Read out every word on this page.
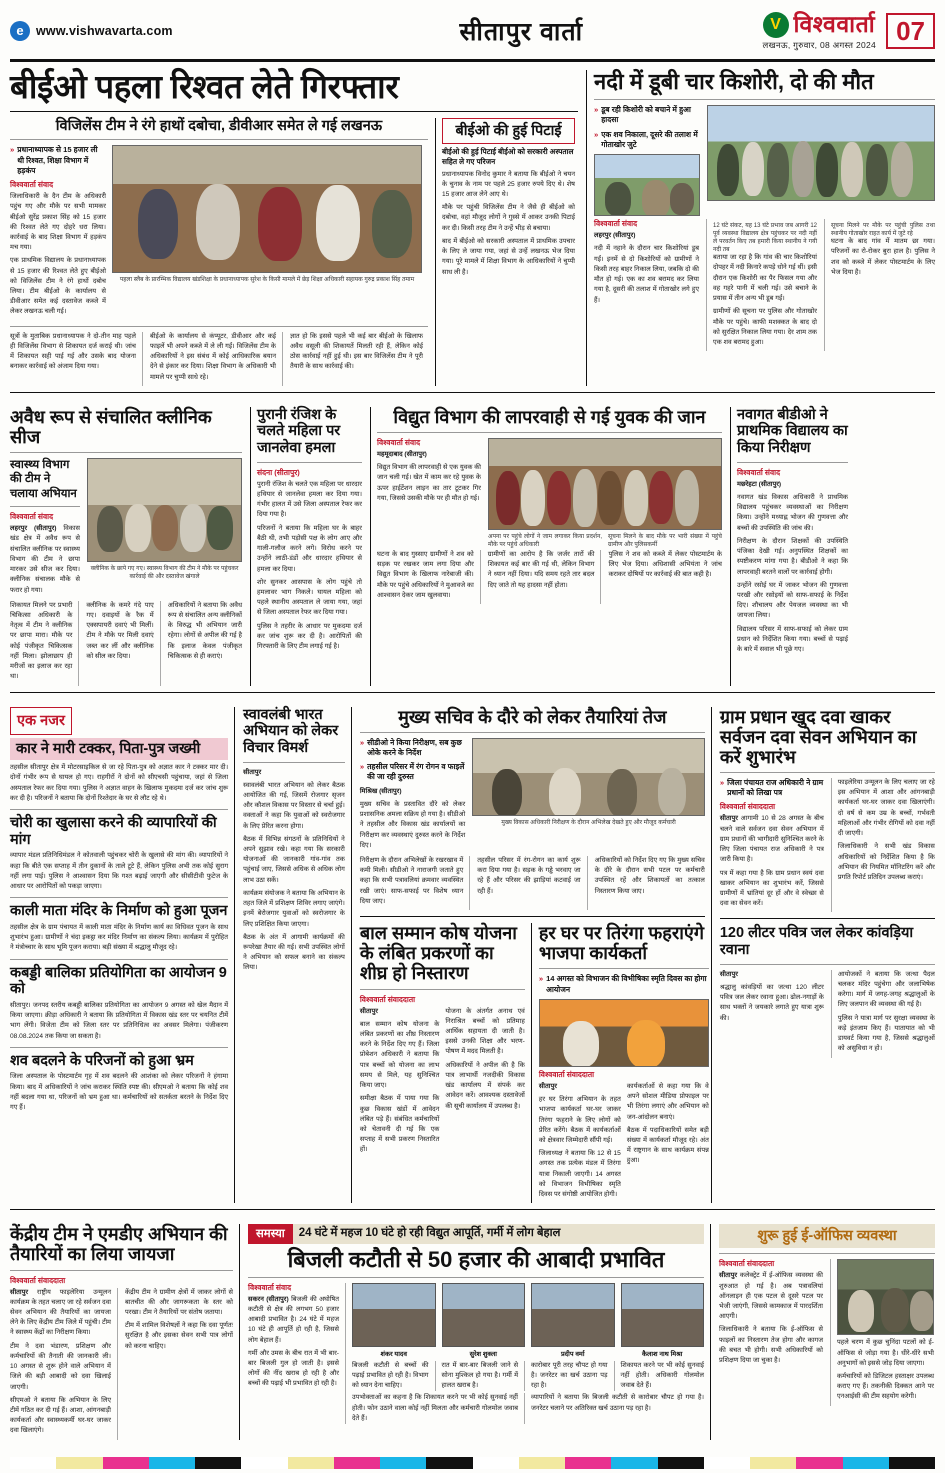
e www.vishwavarta.com	सीतापुर वार्ता	V विश्ववार्ता
लखनऊ, गुरुवार, 08 अगस्त 2024 07
बीईओ पहला रिश्वत लेते गिरफ्तार
विजिलेंस टीम ने रंगे हाथों दबोचा, डीवीआर समेत ले गई लखनऊ
» प्रधानाध्यापक से 15 हजार ली थी रिश्वत, शिक्षा विभाग में हड़कंप
विश्ववार्ता संवाद

जिलाधिकारी के दैन टीम के अधिकारी पहुंच गए और मौके पर सभी मामकर बीईओ सुरेंद्र प्रकाश सिंह को 15 हजार की रिश्वत लेते गए दोहरे धरा लिया। कार्रवाई के बाद शिक्षा विभाग में हड़कंप मच गया।

एक प्राथमिक विद्यालय के प्रधानाध्यापक से 15 हजार की रिश्वत लेते हुए बीईओ को विजिलेंस टीम ने रंगे हाथों दबोच लिया। टीम बीईओ के कार्यालय से डीवीआर समेत कई दस्तावेज कब्जे में लेकर लखनऊ चली गई।

पहला स्लैब के प्रारम्भिक विद्यालय खंडशिक्षा के प्रधानाध्यापक सुरेश के किसी मामले में छेड़ शिक्षा अधिकारी सहायक गुरुद्र प्रकाश सिंह तमाम

सूत्रों के मुताबिक प्रधानाध्यापक ने दो-तीन माह पहले ही विजिलेंस विभाग से शिकायत दर्ज कराई थी। जांच में शिकायत सही पाई गई और उसके बाद योजना बनाकर कार्रवाई को अंजाम दिया गया।

बीईओ के कार्यालय से कंप्यूटर, डीवीआर और कई फाइलें भी अपने कब्जे में ले ली गईं। विजिलेंस टीम के अधिकारियों ने इस संबंध में कोई आधिकारिक बयान देने से इंकार कर दिया। शिक्षा विभाग के अधिकारी भी मामले पर चुप्पी साधे रहे।

ज्ञात हो कि इससे पहले भी कई बार बीईओ के खिलाफ अवैध वसूली की शिकायतें मिलती रही हैं, लेकिन कोई ठोस कार्रवाई नहीं हुई थी। इस बार विजिलेंस टीम ने पूरी तैयारी के साथ कार्रवाई की।

बीईओ की हुई पिटाई
बीईओ की हुई पिटाई बीईओ को सरकारी अस्पताल सहित ले गए परिजन

प्रधानाध्यापक विनोद कुमार ने बताया कि बीईओ ने चयन के चुनाव के नाम पर पहले 25 हजार रुपये दिए थे। शेष 15 हजार आज लेने आए थे।

मौके पर पहुंची विजिलेंस टीम ने जैसे ही बीईओ को दबोचा, वहां मौजूद लोगों ने गुस्से में आकर उनकी पिटाई कर दी। किसी तरह टीम ने उन्हें भीड़ से बचाया।

बाद में बीईओ को सरकारी अस्पताल में प्राथमिक उपचार के लिए ले जाया गया, जहां से उन्हें लखनऊ भेज दिया गया। पूरे मामले में शिक्षा विभाग के आधिकारियों ने चुप्पी साध ली है।

नदी में डूबी चार किशोरी, दो की मौत
» डूब रही किशोरी को बचाने में हुआ हादसा
» एक शव निकाला, दूसरे की तलाश में गोताखोर जुटे
विश्ववार्ता संवाद

लहरपुर (सीतापुर)

नदी में नहाने के दौरान चार किशोरियां डूब गईं। इनमें से दो किशोरियों को ग्रामीणों ने किसी तरह बाहर निकाल लिया, जबकि दो की मौत हो गई। एक का शव बरामद कर लिया गया है, दूसरी की तलाश में गोताखोर लगे हुए हैं।

12 घंटे संकट, यह 13 घंटे प्रभाव जब आगरी 12 पूर्व व्यवस्था विद्यालय क्षेत्र पहुंचकर पर नदी नहीं ले परवर्तन किए तब हमारी किया स्थानीय ने गयी नदी तब

बताया जा रहा है कि गांव की चार किशोरियां दोपहर में नदी किनारे कपड़े धोने गई थीं। इसी दौरान एक किशोरी का पैर फिसल गया और वह गहरे पानी में चली गई। उसे बचाने के प्रयास में तीन अन्य भी डूब गईं।

ग्रामीणों की सूचना पर पुलिस और गोताखोर मौके पर पहुंचे। काफी मशक्कत के बाद दो को सुरक्षित निकाल लिया गया। देर शाम तक एक शव बरामद हुआ।

सूचना मिलने पर मौके पर पहुंची पुलिस तथा स्थानीय गोताखोर राहत कार्य में जुटे रहे

घटना के बाद गांव में मातम छा गया। परिजनों का रो-रोकर बुरा हाल है। पुलिस ने शव को कब्जे में लेकर पोस्टमार्टम के लिए भेज दिया है।

अवैध रूप से संचालित क्लीनिक सीज
स्वास्थ्य विभाग की टीम ने चलाया अभियान
विश्ववार्ता संवाद

लहरपुर (सीतापुर) विकास खंड क्षेत्र में अवैध रूप से संचालित क्लीनिक पर स्वास्थ्य विभाग की टीम ने छापा मारकर उसे सीज कर दिया। क्लीनिक संचालक मौके से फरार हो गया।

क्लीनिक के छापे गए गए। स्वास्थ्य विभाग की टीम ने मौके पर पहुंचकर कार्रवाई की और दस्तावेज खंगाले

शिकायत मिलने पर प्रभारी चिकित्सा अधिकारी के नेतृत्व में टीम ने क्लीनिक पर छापा मारा। मौके पर कोई पंजीकृत चिकित्सक नहीं मिला। झोलाछाप ही मरीजों का इलाज कर रहा था।

क्लीनिक के कमरे गंदे पाए गए। दवाइयों के रैक में एक्सपायरी दवाएं भी मिलीं। टीम ने मौके पर मिली दवाएं जब्त कर लीं और क्लीनिक को सील कर दिया।

अधिकारियों ने बताया कि अवैध रूप से संचालित अन्य क्लीनिकों के विरुद्ध भी अभियान जारी रहेगा। लोगों से अपील की गई है कि इलाज केवल पंजीकृत चिकित्सक से ही कराएं।

पुरानी रंजिश के चलते महिला पर जानलेवा हमला
संदना (सीतापुर)

पुरानी रंजिश के चलते एक महिला पर धारदार हथियार से जानलेवा हमला कर दिया गया। गंभीर हालत में उसे जिला अस्पताल रेफर कर दिया गया है।

परिजनों ने बताया कि महिला घर के बाहर बैठी थी, तभी पड़ोसी पक्ष के लोग आए और गाली-गलौज करने लगे। विरोध करने पर उन्होंने लाठी-डंडों और धारदार हथियार से हमला कर दिया।

शोर सुनकर आसपास के लोग पहुंचे तो हमलावर भाग निकले। घायल महिला को पहले स्थानीय अस्पताल ले जाया गया, जहां से जिला अस्पताल रेफर कर दिया गया।

पुलिस ने तहरीर के आधार पर मुकदमा दर्ज कर जांच शुरू कर दी है। आरोपितों की गिरफ्तारी के लिए टीम लगाई गई है।

विद्युत विभाग की लापरवाही से गई युवक की जान
विश्ववार्ता संवाद

महमूदाबाद (सीतापुर)

विद्युत विभाग की लापरवाही से एक युवक की जान चली गई। खेत में काम कर रहे युवक के ऊपर हाईटेंशन लाइन का तार टूटकर गिर गया, जिससे उसकी मौके पर ही मौत हो गई।

अपना पर पहुंचे लोगों ने जाम लगाकर किया प्रदर्शन, मौके पर पहुंचे अधिकारी
सूचना मिलने के बाद मौके पर भारी संख्या में पहुंचे ग्रामीण और पुलिसकर्मी

घटना के बाद गुस्साए ग्रामीणों ने शव को सड़क पर रखकर जाम लगा दिया और विद्युत विभाग के खिलाफ नारेबाजी की। मौके पर पहुंचे अधिकारियों ने मुआवजे का आश्वासन देकर जाम खुलवाया।

ग्रामीणों का आरोप है कि जर्जर तारों की शिकायत कई बार की गई थी, लेकिन विभाग ने ध्यान नहीं दिया। यदि समय रहते तार बदल दिए जाते तो यह हादसा नहीं होता।

पुलिस ने शव को कब्जे में लेकर पोस्टमार्टम के लिए भेज दिया। अधिशासी अभियंता ने जांच कराकर दोषियों पर कार्रवाई की बात कही है।

नवागत बीडीओ ने प्राथमिक विद्यालय का किया निरीक्षण
विश्ववार्ता संवाद

मछरेहटा (सीतापुर)

नवागत खंड विकास अधिकारी ने प्राथमिक विद्यालय पहुंचकर व्यवस्थाओं का निरीक्षण किया। उन्होंने मध्याह्न भोजन की गुणवत्ता और बच्चों की उपस्थिति की जांच की।

निरीक्षण के दौरान शिक्षकों की उपस्थिति पंजिका देखी गई। अनुपस्थित शिक्षकों का स्पष्टीकरण मांगा गया है। बीडीओ ने कहा कि लापरवाही बरतने वालों पर कार्रवाई होगी।

उन्होंने रसोई घर में जाकर भोजन की गुणवत्ता परखी और रसोइयों को साफ-सफाई के निर्देश दिए। शौचालय और पेयजल व्यवस्था का भी जायजा लिया।

विद्यालय परिसर में साफ-सफाई को लेकर ग्राम प्रधान को निर्देशित किया गया। बच्चों से पढ़ाई के बारे में सवाल भी पूछे गए।

एक नजर
कार ने मारी टक्कर, पिता-पुत्र जख्मी
तहसील सीतापुर क्षेत्र में मोटरसाइकिल से जा रहे पिता-पुत्र को अज्ञात कार ने टक्कर मार दी। दोनों गंभीर रूप से घायल हो गए। राहगीरों ने दोनों को सीएचसी पहुंचाया, जहां से जिला अस्पताल रेफर कर दिया गया। पुलिस ने अज्ञात वाहन के खिलाफ मुकदमा दर्ज कर जांच शुरू कर दी है। परिजनों ने बताया कि दोनों रिश्तेदार के घर से लौट रहे थे।
चोरी का खुलासा करने की व्यापारियों की मांग
व्यापार मंडल प्रतिनिधिमंडल ने कोतवाली पहुंचकर चोरी के खुलासे की मांग की। व्यापारियों ने कहा कि बीते एक सप्ताह में तीन दुकानों के ताले टूटे हैं, लेकिन पुलिस अभी तक कोई सुराग नहीं लगा पाई। पुलिस ने आश्वासन दिया कि गश्त बढ़ाई जाएगी और सीसीटीवी फुटेज के आधार पर आरोपितों को पकड़ा जाएगा।
काली माता मंदिर के निर्माण को हुआ पूजन
तहसील क्षेत्र के ग्राम पंचायत में काली माता मंदिर के निर्माण कार्य का विधिवत पूजन के साथ शुभारंभ हुआ। ग्रामीणों ने चंदा इकट्ठा कर मंदिर निर्माण का संकल्प लिया। कार्यक्रम में पुरोहित ने मंत्रोच्चार के साथ भूमि पूजन कराया। बड़ी संख्या में श्रद्धालु मौजूद रहे।
कबड्डी बालिका प्रतियोगिता का आयोजन 9 को
सीतापुर। जनपद स्तरीय कबड्डी बालिका प्रतियोगिता का आयोजन 9 अगस्त को खेल मैदान में किया जाएगा। क्रीड़ा अधिकारी ने बताया कि प्रतियोगिता में विकास खंड स्तर पर चयनित टीमें भाग लेंगी। विजेता टीम को जिला स्तर पर प्रतिनिधित्व का अवसर मिलेगा। पंजीकरण 08.08.2024 तक किया जा सकता है।
शव बदलने के परिजनों को हुआ भ्रम
जिला अस्पताल के पोस्टमार्टम गृह में शव बदलने की आशंका को लेकर परिजनों ने हंगामा किया। बाद में अधिकारियों ने जांच कराकर स्थिति स्पष्ट की। सीएमओ ने बताया कि कोई शव नहीं बदला गया था, परिजनों को भ्रम हुआ था। कर्मचारियों को सतर्कता बरतने के निर्देश दिए गए हैं।
स्वावलंबी भारत अभियान को लेकर विचार विमर्श

सीतापुर

स्वावलंबी भारत अभियान को लेकर बैठक आयोजित की गई, जिसमें रोजगार सृजन और कौशल विकास पर विस्तार से चर्चा हुई। वक्ताओं ने कहा कि युवाओं को स्वरोजगार के लिए प्रेरित करना होगा।

बैठक में विभिन्न संगठनों के प्रतिनिधियों ने अपने सुझाव रखे। कहा गया कि सरकारी योजनाओं की जानकारी गांव-गांव तक पहुंचाई जाए, जिससे अधिक से अधिक लोग लाभ उठा सकें।

कार्यक्रम संयोजक ने बताया कि अभियान के तहत जिले में प्रशिक्षण शिविर लगाए जाएंगे। इनमें बेरोजगार युवाओं को स्वरोजगार के लिए प्रशिक्षित किया जाएगा।

बैठक के अंत में आगामी कार्यक्रमों की रूपरेखा तैयार की गई। सभी उपस्थित लोगों ने अभियान को सफल बनाने का संकल्प लिया।

मुख्य सचिव के दौरे को लेकर तैयारियां तेज
» सीडीओ ने किया निरीक्षण, सब कुछ ओके करने के निर्देश
» तहसील परिसर में रंग रोगन व फाइलें की जा रही दुरुस्त

मिश्रिख (सीतापुर)

मुख्य सचिव के प्रस्तावित दौरे को लेकर प्रशासनिक अमला सक्रिय हो गया है। सीडीओ ने तहसील और विकास खंड कार्यालयों का निरीक्षण कर व्यवस्थाएं दुरुस्त करने के निर्देश दिए।

मुख्य विकास अधिकारी निरीक्षण के दौरान अभिलेख देखते हुए और मौजूद कर्मचारी

निरीक्षण के दौरान अभिलेखों के रखरखाव में कमी मिली। सीडीओ ने नाराजगी जताते हुए कहा कि सभी पत्रावलियां क्रमवार व्यवस्थित रखी जाएं। साफ-सफाई पर विशेष ध्यान दिया जाए।

तहसील परिसर में रंग-रोगन का कार्य शुरू करा दिया गया है। सड़क के गड्ढे भरवाए जा रहे हैं और परिसर की झाड़ियां कटवाई जा रही हैं।

अधिकारियों को निर्देश दिए गए कि मुख्य सचिव के दौरे के दौरान सभी पटल पर कर्मचारी उपस्थित रहें और शिकायतों का तत्काल निस्तारण किया जाए।

बाल सम्मान कोष योजना के लंबित प्रकरणों का शीघ्र हो निस्तारण
विश्ववार्ता संवाददाता

सीतापुर

बाल सम्मान कोष योजना के लंबित प्रकरणों का शीघ्र निस्तारण करने के निर्देश दिए गए हैं। जिला प्रोबेशन अधिकारी ने बताया कि पात्र बच्चों को योजना का लाभ समय से मिले, यह सुनिश्चित किया जाए।

समीक्षा बैठक में पाया गया कि कुछ विकास खंडों में आवेदन लंबित पड़े हैं। संबंधित कर्मचारियों को चेतावनी दी गई कि एक सप्ताह में सभी प्रकरण निस्तारित हों।

योजना के अंतर्गत अनाथ एवं निराश्रित बच्चों को प्रतिमाह आर्थिक सहायता दी जाती है। इससे उनकी शिक्षा और भरण-पोषण में मदद मिलती है।

अधिकारियों ने अपील की है कि पात्र लाभार्थी नजदीकी विकास खंड कार्यालय में संपर्क कर आवेदन करें। आवश्यक दस्तावेजों की सूची कार्यालय में उपलब्ध है।

हर घर पर तिरंगा फहराएंगे भाजपा कार्यकर्ता
» 14 अगस्त को विभाजन की विभीषिका स्मृति दिवस का होगा आयोजन
विश्ववार्ता संवाददाता

सीतापुर

हर घर तिरंगा अभियान के तहत भाजपा कार्यकर्ता घर-घर जाकर तिरंगा फहराने के लिए लोगों को प्रेरित करेंगे। बैठक में कार्यकर्ताओं को क्षेत्रवार जिम्मेदारी सौंपी गई।

जिलाध्यक्ष ने बताया कि 12 से 15 अगस्त तक प्रत्येक मंडल में तिरंगा यात्रा निकाली जाएगी। 14 अगस्त को विभाजन विभीषिका स्मृति दिवस पर संगोष्ठी आयोजित होगी।

कार्यकर्ताओं से कहा गया कि वे अपने सोशल मीडिया प्रोफाइल पर भी तिरंगा लगाएं और अभियान को जन-आंदोलन बनाएं।

बैठक में पदाधिकारियों समेत बड़ी संख्या में कार्यकर्ता मौजूद रहे। अंत में राष्ट्रगान के साथ कार्यक्रम संपन्न हुआ।

ग्राम प्रधान खुद दवा खाकर सर्वजन दवा सेवन अभियान का करें शुभारंभ
» जिला पंचायत राज अधिकारी ने ग्राम प्रधानों को लिखा पत्र
विश्ववार्ता संवाददाता

सीतापुर आगामी 10 से 28 अगस्त के बीच चलने वाले सर्वजन दवा सेवन अभियान में ग्राम प्रधानों की भागीदारी सुनिश्चित करने के लिए जिला पंचायत राज अधिकारी ने पत्र जारी किया है।

पत्र में कहा गया है कि ग्राम प्रधान स्वयं दवा खाकर अभियान का शुभारंभ करें, जिससे ग्रामीणों में भ्रांतियां दूर हों और वे स्वेच्छा से दवा का सेवन करें।

फाइलेरिया उन्मूलन के लिए चलाए जा रहे इस अभियान में आशा और आंगनबाड़ी कार्यकर्ता घर-घर जाकर दवा खिलाएंगी। दो वर्ष से कम उम्र के बच्चों, गर्भवती महिलाओं और गंभीर रोगियों को दवा नहीं दी जाएगी।

जिलाधिकारी ने सभी खंड विकास अधिकारियों को निर्देशित किया है कि अभियान की नियमित मॉनिटरिंग करें और प्रगति रिपोर्ट प्रतिदिन उपलब्ध कराएं।

120 लीटर पवित्र जल लेकर कांवड़िया रवाना

सीतापुर

श्रद्धालु कांवड़ियों का जत्था 120 लीटर पवित्र जल लेकर रवाना हुआ। ढोल-नगाड़ों के साथ भक्तों ने जयकारे लगाते हुए यात्रा शुरू की।

आयोजकों ने बताया कि जत्था पैदल चलकर मंदिर पहुंचेगा और जलाभिषेक करेगा। मार्ग में जगह-जगह श्रद्धालुओं के लिए जलपान की व्यवस्था की गई है।

पुलिस ने यात्रा मार्ग पर सुरक्षा व्यवस्था के कड़े इंतजाम किए हैं। यातायात को भी डायवर्ट किया गया है, जिससे श्रद्धालुओं को असुविधा न हो।

केंद्रीय टीम ने एमडीए अभियान की तैयारियों का लिया जायजा
विश्ववार्ता संवाददाता

सीतापुर राष्ट्रीय फाइलेरिया उन्मूलन कार्यक्रम के तहत चलाए जा रहे सर्वजन दवा सेवन अभियान की तैयारियों का जायजा लेने के लिए केंद्रीय टीम जिले में पहुंची। टीम ने स्वास्थ्य केंद्रों का निरीक्षण किया।

टीम ने दवा भंडारण, प्रशिक्षण और कर्मचारियों की तैनाती की जानकारी ली। 10 अगस्त से शुरू होने वाले अभियान में जिले की बड़ी आबादी को दवा खिलाई जाएगी।

सीएमओ ने बताया कि अभियान के लिए टीमें गठित कर दी गई हैं। आशा, आंगनबाड़ी कार्यकर्ता और स्वास्थ्यकर्मी घर-घर जाकर दवा खिलाएंगे।

केंद्रीय टीम ने ग्रामीण क्षेत्रों में जाकर लोगों से बातचीत की और जागरूकता के स्तर को परखा। टीम ने तैयारियों पर संतोष जताया।

टीम में शामिल विशेषज्ञों ने कहा कि दवा पूर्णतः सुरक्षित है और इसका सेवन सभी पात्र लोगों को करना चाहिए।

समस्या	24 घंटे में महज 10 घंटे हो रही विद्युत आपूर्ति, गर्मी में लोग बेहाल
बिजली कटौती से 50 हजार की आबादी प्रभावित
विश्ववार्ता संवाद

सकरन (सीतापुर) बिजली की अघोषित कटौती से क्षेत्र की लगभग 50 हजार आबादी प्रभावित है। 24 घंटे में महज 10 घंटे ही आपूर्ति हो रही है, जिससे लोग बेहाल हैं।

गर्मी और उमस के बीच रात में भी बार-बार बिजली गुल हो जाती है। इससे लोगों की नींद खराब हो रही है और बच्चों की पढ़ाई भी प्रभावित हो रही है।

शंकर यादव	सुरेश शुक्ला	प्रदीप वर्मा	कैलाश नाथ मिश्रा
बिजली कटौती से बच्चों की पढ़ाई प्रभावित हो रही है। विभाग को ध्यान देना चाहिए।
रात में बार-बार बिजली जाने से सोना मुश्किल हो गया है। गर्मी में हालत खराब है।
कारोबार पूरी तरह चौपट हो गया है। जनरेटर का खर्च उठाना पड़ रहा है।
शिकायत करने पर भी कोई सुनवाई नहीं होती। अधिकारी गोलमोल जवाब देते हैं।
उपभोक्ताओं का कहना है कि शिकायत करने पर भी कोई सुनवाई नहीं होती। फोन उठाने वाला कोई नहीं मिलता और कर्मचारी गोलमोल जवाब देते हैं।
व्यापारियों ने बताया कि बिजली कटौती से कारोबार चौपट हो गया है। जनरेटर चलाने पर अतिरिक्त खर्च उठाना पड़ रहा है।
शुरू हुई ई-ऑफिस व्यवस्था
विश्ववार्ता संवाददाता

सीतापुर कलेक्ट्रेट में ई-ऑफिस व्यवस्था की शुरुआत हो गई है। अब पत्रावलियां ऑनलाइन ही एक पटल से दूसरे पटल पर भेजी जाएंगी, जिससे कामकाज में पारदर्शिता आएगी।

जिलाधिकारी ने बताया कि ई-ऑफिस से फाइलों का निस्तारण तेज होगा और कागज की बचत भी होगी। सभी अधिकारियों को प्रशिक्षण दिया जा चुका है।

पहले चरण में कुछ चुनिंदा पटलों को ई-ऑफिस से जोड़ा गया है। धीरे-धीरे सभी अनुभागों को इससे जोड़ दिया जाएगा।

कर्मचारियों को डिजिटल हस्ताक्षर उपलब्ध कराए गए हैं। तकनीकी दिक्कत आने पर एनआईसी की टीम सहयोग करेगी।
